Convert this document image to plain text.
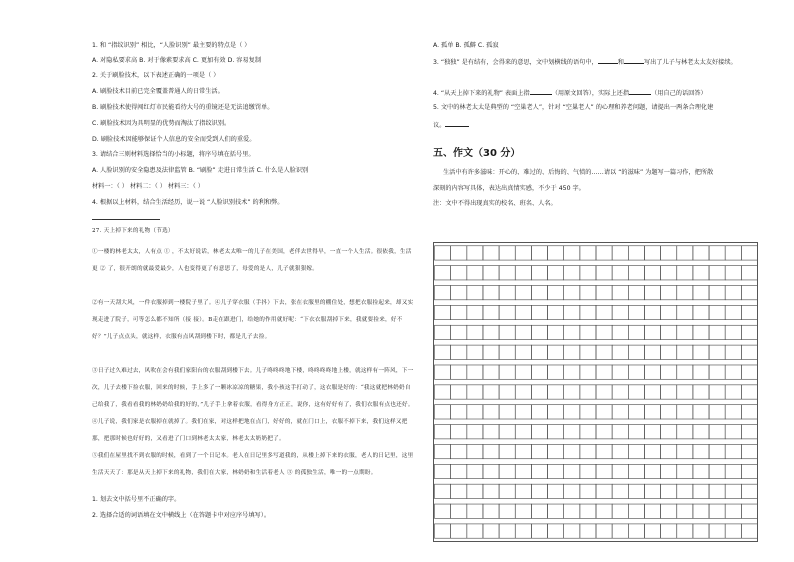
1. 和 “指纹识别” 相比，“人脸识别” 最主要的特点是（ ）
A. 对隐私要求高 B. 对于像素要求高 C. 更加有效 D. 容易复制
2. 关于刷脸技术，以下表述正确的一项是（ ）
A. 刷脸技术目前已完全覆盖普通人的日常生活。
B. 刷脸技术使得闯红灯市民能看待大号的重镜还是无法追缴罚单。
C. 刷脸技术因为具明显的优势而淘汰了指纹识别。
D. 刷脸技术因能够保证个人信息的安全而受到人们的重爱。
3. 请结合三则材料选择恰当的小标题，将序号填在括号里。
A. 人脸识别的安全隐患及法律监管 B. “刷脸” 走进日常生活 C. 什么是人脸识别
材料一：（ ） 材料二：（ ） 材料三：（ ）
4. 根据以上材料，结合生活经历，说一说 “人脸识别技术” 的利和弊。
27. 天上掉下来的礼物（节选）
①一楼的林老太太，人有点 ① ，不太好说话，林老太太唯一的儿子在美国，老伴去世得早，一直一个人生活。很依我，生活更 ② 了，很开朗的就最爱最少，人也变得更了有意思了，母爱的是人，儿子就狠狠嫁。
②有一天刮大风，一件衣服掉到一楼院子里了。④儿子穿衣服（手抖）下去，张在衣服里的棚住处，想把衣服捡起来，却又实现走进了院子，可等怎么都不知所（接 接）。B走在跟进门，给她的作用就好呢：“下衣衣服刮掉下来，我就要捡来，好不好？”儿子点点头，就这样，衣服有点风刮到楼下时，都是儿子去捡。
③日子过久难过去，风吹在会有我们家阳台的衣服刮到楼下去。儿子咚咚咚地下楼，咚咚咚咚地上楼，就这样有一阵风，下一次，儿子去楼下捡衣服，回来的时候，手上多了一颗冰凉凉的糖果，我小孩这手打动了，这衣服是好的：“我这就把林奶奶自己给我了，我看看我的林奶奶给我的好的，”儿子手上拿着衣服，看得身方正正，说你，这有好好有了，我们衣服有点也还好。
④儿子说，我们家是衣服掉在就掉了。我们在家，对这样把地在点门，好好的，就在门口上，衣服不掉下来，我们这样又把那，把那时候也好好的，又看进了门口到林老太太家，林老太太奶奶把了。
⑤我们在屋里找不到衣服的时候，看到了一个日记本。老人在日记里多写道我的，从楼上掉下来的衣服，老人的日记里，这里生活天天了：那是从天上掉下来的礼物，我们在大家，林奶奶和生活着老人 ③ 的孤独生活，唯一的一点期盼。
1. 划去文中括号里不正确的字。
2. 选择合适的词语填在文中横线上（在答题卡中对应序号填写）。
A. 孤单 B. 孤僻 C. 孤寂
3. “独独” 是有结有，会得来的意思，文中划横线的语句中，	和	写出了儿子与林老太太友好接续。
4. “从天上掉下来的礼物” 表面上指	（用原文回答），实际上还指	（用自己的话回答）
5. 文中的林老太太是典型的 “空巢老人”，针对 “空巢老人” 的心理和养老问题，请提出一两条合理化建
议。
五、作文（30 分）
生活中有许多滋味：开心的、难过的、后悔的、气愤的……请以 “的滋味” 为题写一篇习作，把所散
深刻的内容写具体，表达出真情实感，不少于 450 字。
注：文中不得出现真实的校名、班名、人名。
